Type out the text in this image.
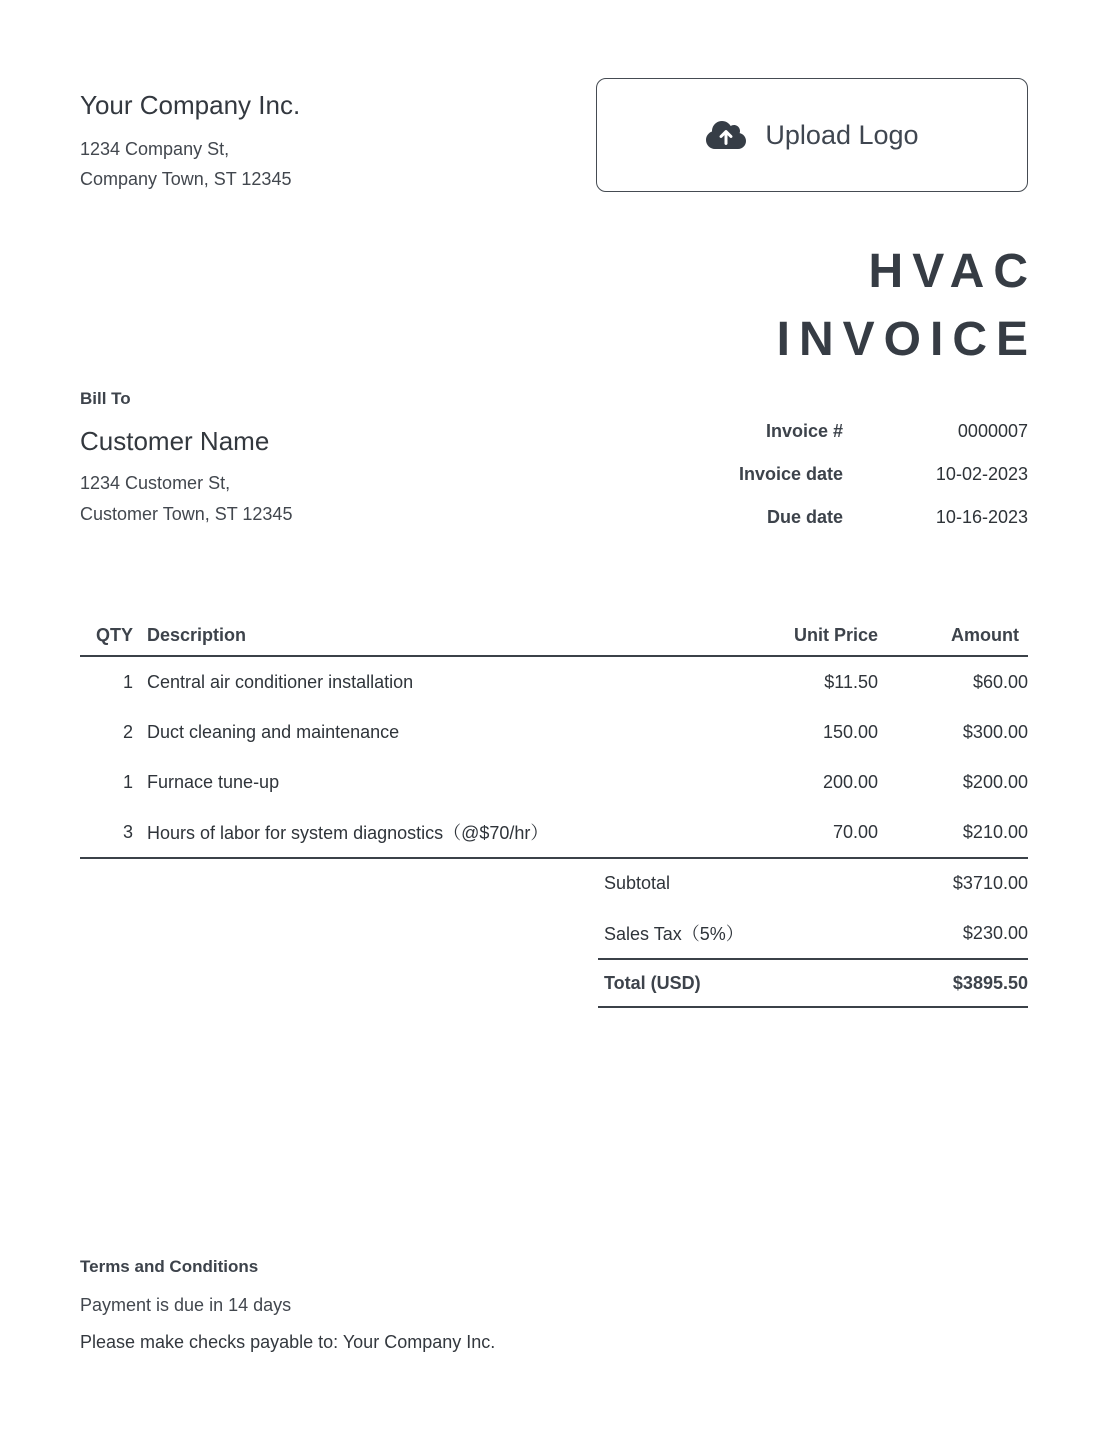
Your Company Inc.
1234 Company St,
Company Town, ST 12345
Upload Logo
HVAC INVOICE
Bill To
Customer Name
1234 Customer St,
Customer Town, ST 12345
Invoice #	0000007
Invoice date	10-02-2023
Due date	10-16-2023
QTY Description	Unit Price	Amount
1 Central air conditioner installation	$11.50	$60.00
2 Duct cleaning and maintenance	150.00	$300.00
1 Furnace tune-up	200.00	$200.00
3 Hours of labor for system diagnostics（@$70/hr）	70.00	$210.00
Subtotal	$3710.00
Sales Tax（5%）	$230.00
Total (USD)	$3895.50
Terms and Conditions
Payment is due in 14 days
Please make checks payable to: Your Company Inc.
